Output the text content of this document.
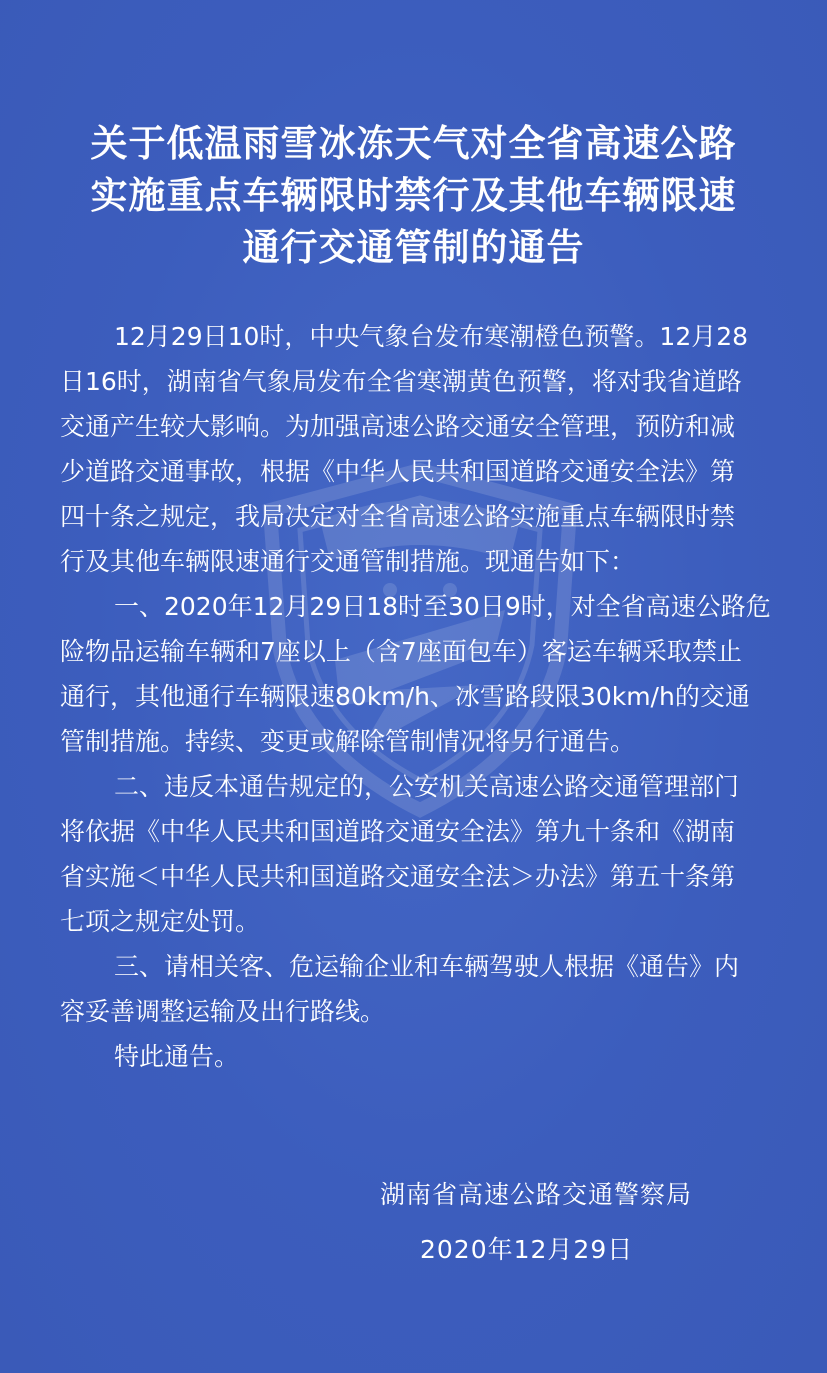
关于低温雨雪冰冻天气对全省高速公路
实施重点车辆限时禁行及其他车辆限速
通行交通管制的通告
12月29日10时，中央气象台发布寒潮橙色预警。12月28
日16时，湖南省气象局发布全省寒潮黄色预警，将对我省道路
交通产生较大影响。为加强高速公路交通安全管理，预防和减
少道路交通事故，根据《中华人民共和国道路交通安全法》第
四十条之规定，我局决定对全省高速公路实施重点车辆限时禁
行及其他车辆限速通行交通管制措施。现通告如下：
一、2020年12月29日18时至30日9时，对全省高速公路危
险物品运输车辆和7座以上（含7座面包车）客运车辆采取禁止
通行，其他通行车辆限速80km/h、冰雪路段限30km/h的交通
管制措施。持续、变更或解除管制情况将另行通告。
二、违反本通告规定的，公安机关高速公路交通管理部门
将依据《中华人民共和国道路交通安全法》第九十条和《湖南
省实施＜中华人民共和国道路交通安全法＞办法》第五十条第
七项之规定处罚。
三、请相关客、危运输企业和车辆驾驶人根据《通告》内
容妥善调整运输及出行路线。
特此通告。
湖南省高速公路交通警察局
2020年12月29日
